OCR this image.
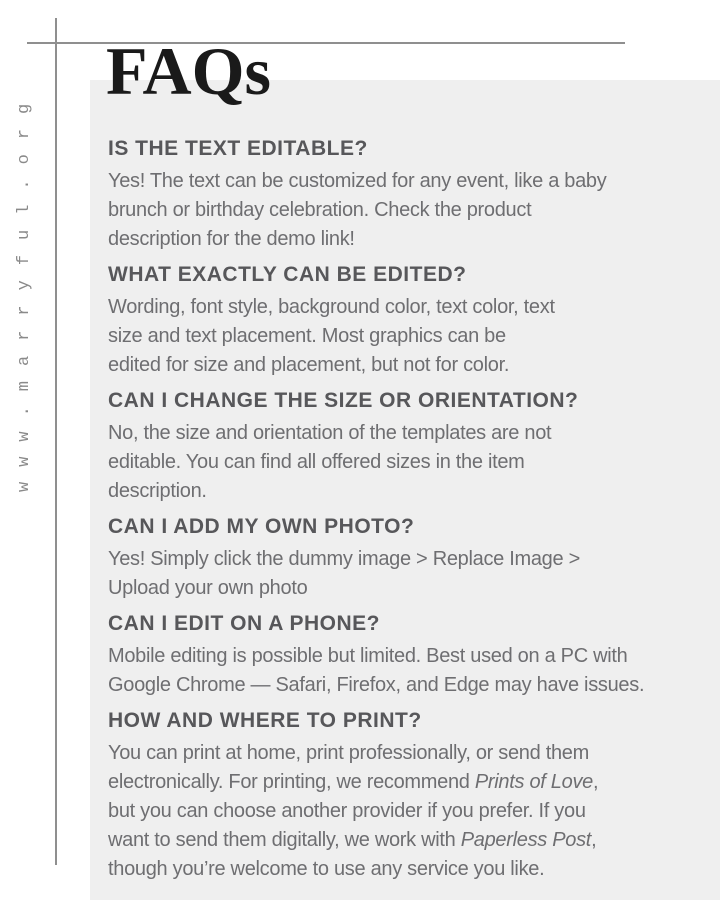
www.marryful.org
FAQs
IS THE TEXT EDITABLE?
Yes! The text can be customized for any event, like a baby
brunch or birthday celebration. Check the product
description for the demo link!
WHAT EXACTLY CAN BE EDITED?
Wording, font style, background color, text color, text
size and text placement. Most graphics can be
edited for size and placement, but not for color.
CAN I CHANGE THE SIZE OR ORIENTATION?
No, the size and orientation of the templates are not
editable. You can find all offered sizes in the item
description.
CAN I ADD MY OWN PHOTO?
Yes! Simply click the dummy image > Replace Image >
Upload your own photo
CAN I EDIT ON A PHONE?
Mobile editing is possible but limited. Best used on a PC with
Google Chrome — Safari, Firefox, and Edge may have issues.
HOW AND WHERE TO PRINT?
You can print at home, print professionally, or send them
electronically. For printing, we recommend Prints of Love,
but you can choose another provider if you prefer. If you
want to send them digitally, we work with Paperless Post,
though you’re welcome to use any service you like.
